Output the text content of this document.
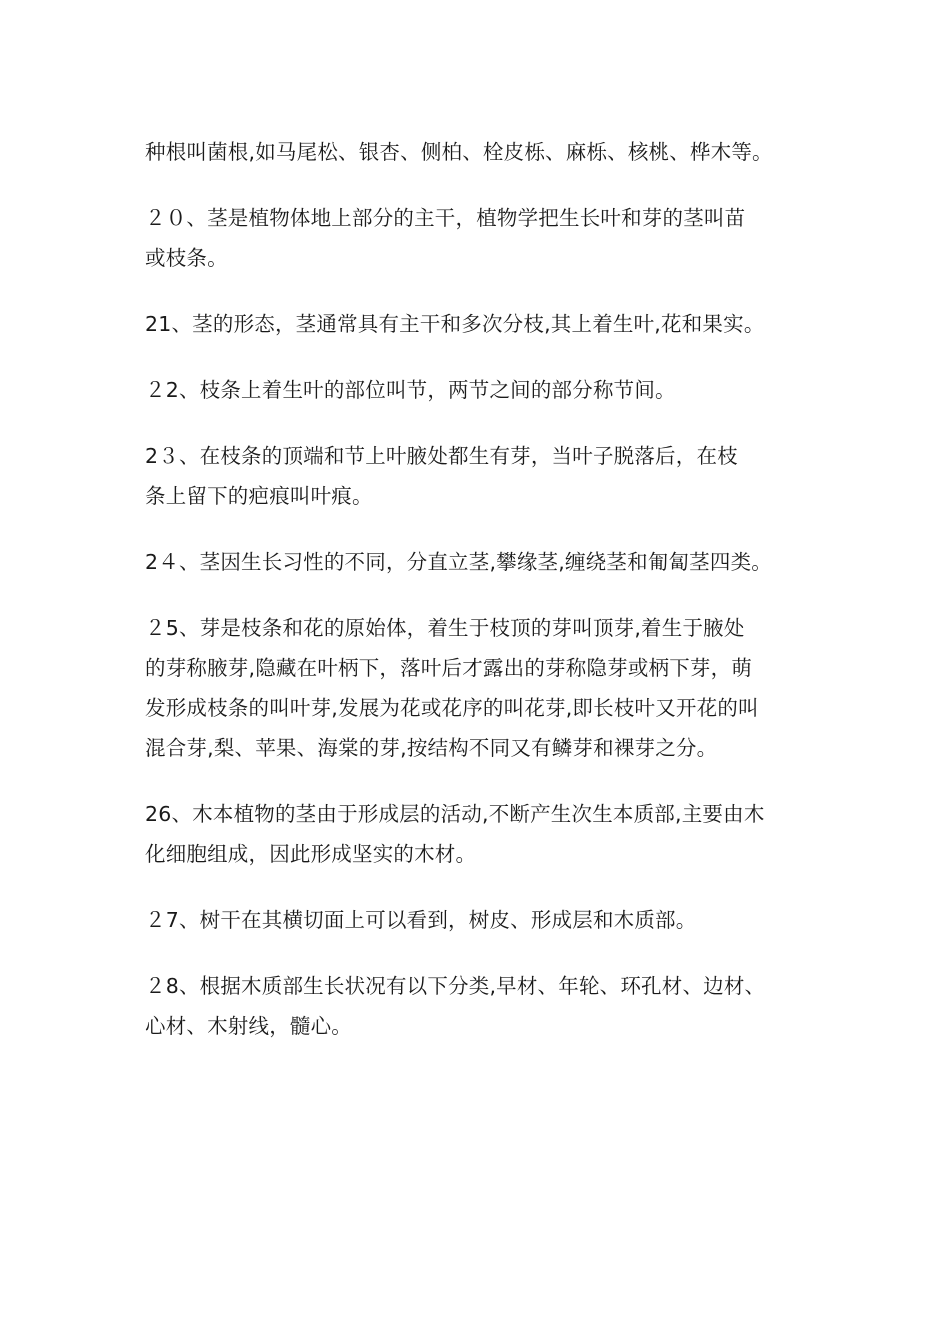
种根叫菌根,如马尾松、银杏、侧柏、栓皮栎、麻栎、核桃、桦木等。
２０、茎是植物体地上部分的主干，植物学把生长叶和芽的茎叫苗
或枝条。
21、茎的形态，茎通常具有主干和多次分枝,其上着生叶,花和果实。
２2、枝条上着生叶的部位叫节，两节之间的部分称节间。
2３、在枝条的顶端和节上叶腋处都生有芽，当叶子脱落后，在枝
条上留下的疤痕叫叶痕。
2４、茎因生长习性的不同，分直立茎,攀缘茎,缠绕茎和匍匐茎四类。
２5、芽是枝条和花的原始体，着生于枝顶的芽叫顶芽,着生于腋处
的芽称腋芽,隐藏在叶柄下，落叶后才露出的芽称隐芽或柄下芽，萌
发形成枝条的叫叶芽,发展为花或花序的叫花芽,即长枝叶又开花的叫
混合芽,梨、苹果、海棠的芽,按结构不同又有鳞芽和裸芽之分。
26、木本植物的茎由于形成层的活动,不断产生次生本质部,主要由木
化细胞组成，因此形成坚实的木材。
２7、树干在其横切面上可以看到，树皮、形成层和木质部。
２8、根据木质部生长状况有以下分类,早材、年轮、环孔材、边材、
心材、木射线，髓心。
